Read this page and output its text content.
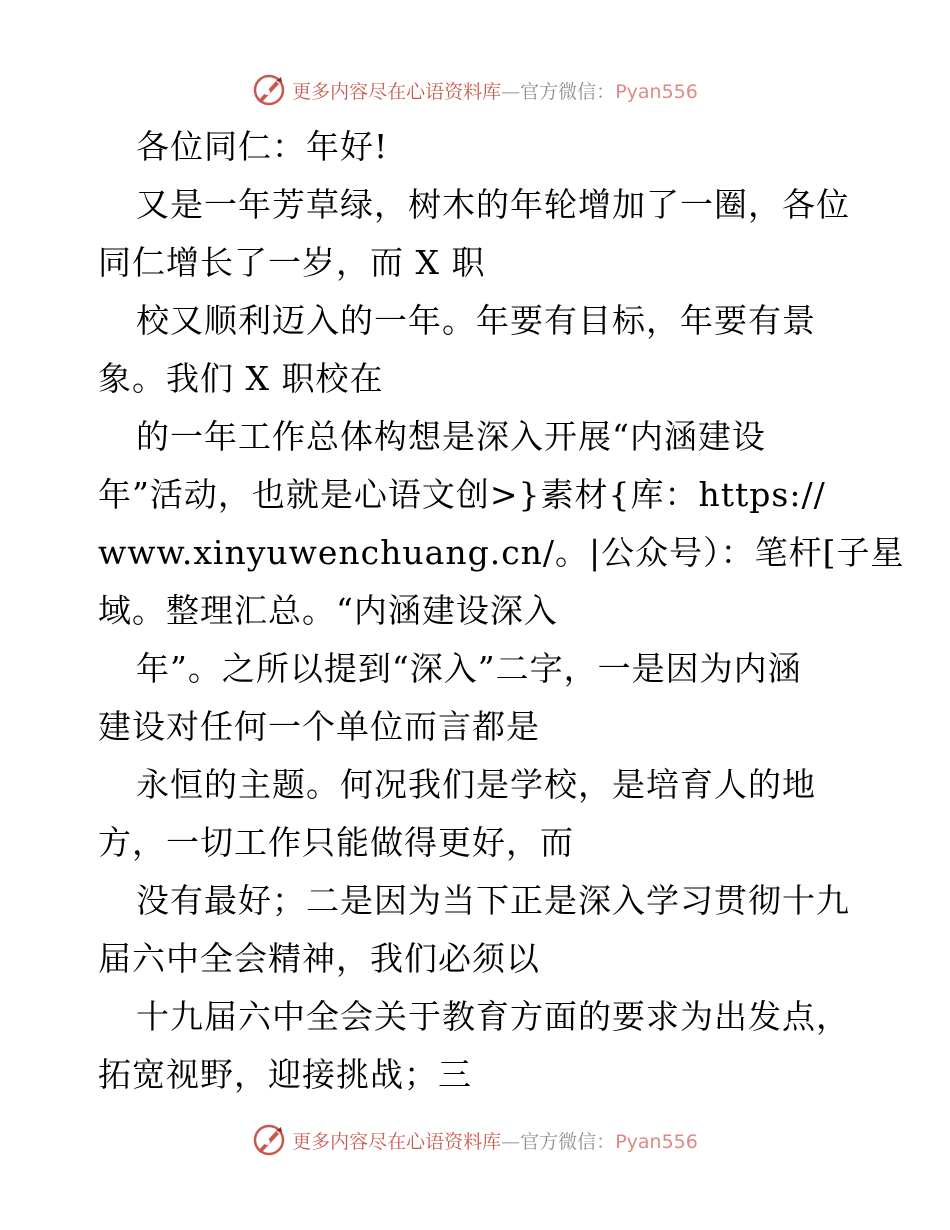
更多内容尽在心语资料库—官方微信：Pyan556
各位同仁：年好!
又是一年芳草绿，树木的年轮增加了一圈，各位
同仁增长了一岁，而 X 职
校又顺利迈入的一年。年要有目标，年要有景
象。我们 X 职校在
的一年工作总体构想是深入开展“内涵建设
年”活动，也就是心语文创>}素材{库：https://
www.xinyuwenchuang.cn/。|公众号）：笔杆[子星
域。整理汇总。“内涵建设深入
年”。之所以提到“深入”二字，一是因为内涵
建设对任何一个单位而言都是
永恒的主题。何况我们是学校，是培育人的地
方，一切工作只能做得更好，而
没有最好；二是因为当下正是深入学习贯彻十九
届六中全会精神，我们必须以
十九届六中全会关于教育方面的要求为出发点，
拓宽视野，迎接挑战；三
更多内容尽在心语资料库—官方微信：Pyan556
